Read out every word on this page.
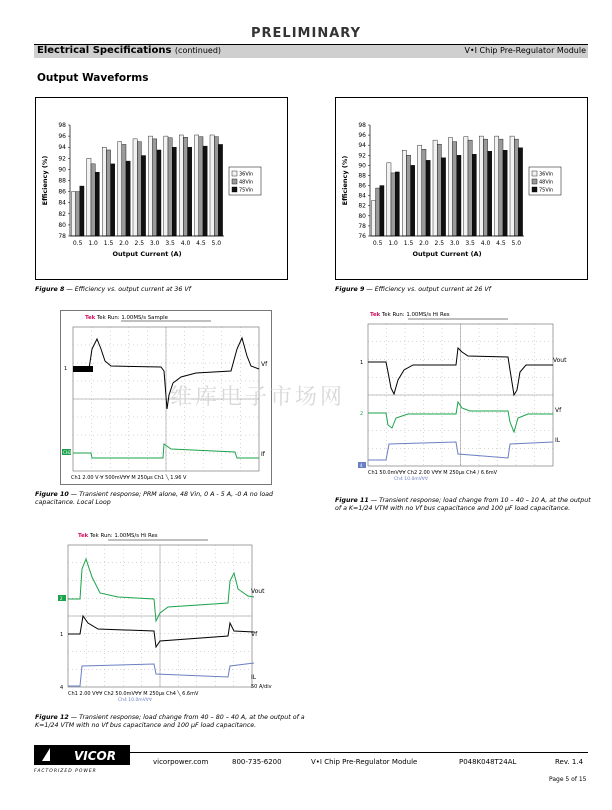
PRELIMINARY
Electrical Specifications (continued)	V•I Chip Pre-Regulator Module
Output Waveforms
78
80
82
84
86
88
90
92
94
96
98
0.5 1.0 1.5 2.0 2.5 3.0 3.5 4.0 4.5 5.0
Output Current (A)
Efficiency (%)	36Vin
48Vin
75Vin
Figure 8 — Efficiency vs. output current at 36 Vf
76
78
80
82
84
86
88
90
92
94
96
98
0.5 1.0 1.5 2.0 2.5 3.0 3.5 4.0 4.5 5.0
Output Current (A)
Efficiency (%)	36Vin
48Vin
75Vin
Figure 9 — Efficiency vs. output current at 26 Vf
Tek Tek Run: 1.00MS/s Sample
1
CH2
Vf
If
Ch1 2.00 V·∀ 500mV∀∀ M 250µs Ch1 ╲ 1.96 V
Figure 10 — Transient response; PRM alone, 48 Vin, 0 A - 5 A, -0 A no load capacitance. Local Loop
Tek Tek Run: 1.00MS/s Hi Res
1
2
4
Vout
Vf
IL
Ch1 50.0mV∀∀ Ch2 2.00 V∀∀ M 250µs Ch4 / 6.6mV
Ch4 10.0mV∀∀
Figure 11 — Transient response; load change from 10 – 40 – 10 A, at the output of a K=1/24 VTM with no Vf bus capacitance and 100 µF load capacitance.
Tek Tek Run: 1.00MS/s Hi Res
2
1
4
Vout
Vf
IL
50 A/div
Ch1 2.00 V∀∀ Ch2 50.0mV∀∀ M 250µs Ch4 ╲ 6.6mV
Ch4 10.0mV∀∀
Figure 12 — Transient response; load change from 40 – 80 – 40 A, at the output of a K=1/24 VTM with no Vf bus capacitance and 100 µF load capacitance.
维库电子市场网
VICOR
FACTORIZED POWER
vicorpower.com	800-735-6200	V•I Chip Pre-Regulator Module	P048K048T24AL	Rev. 1.4
Page 5 of 15
